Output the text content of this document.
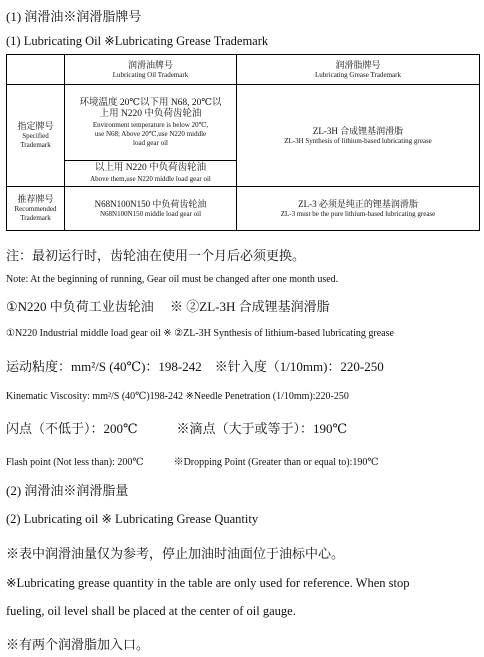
(1) 润滑油※润滑脂牌号
(1) Lubricating Oil ※Lubricating Grease Trademark

	润滑油牌号
Lubricating Oil Trademark	润滑脂牌号
Lubricating Grease Trademark

指定牌号
Specified
Trademark	环境温度 20℃以下用 N68, 20℃以
上用 N220 中负荷齿轮油
Environment temperature is below 20℃,
use N68; Above 20℃,use N220 middle
load gear oil	ZL-3H 合成锂基润滑脂
ZL-3H Synthesis of lithium-based lubricating grease

	以上用 N220 中负荷齿轮油
Above them,use N220 middle load gear oil	

推荐牌号
Recommended
Trademark	N68N100N150 中负荷齿轮油
N68N100N150 middle load gear oil	ZL-3 必须是纯正的锂基润滑脂
ZL-3 must be the pure lithium-based lubricating grease
注：最初运行时，齿轮油在使用一个月后必须更换。
Note: At the beginning of running, Gear oil must be changed after one month used.
①N220 中负荷工业齿轮油　 ※ ②ZL-3H 合成锂基润滑脂
①N220 Industrial middle load gear oil ※ ②ZL-3H Synthesis of lithium-based lubricating grease
运动粘度：mm²/S (40℃)：198-242　※针入度（1/10mm)：220-250
Kinematic Viscosity: mm²/S (40℃)198-242 ※Needle Penetration (1/10mm):220-250
闪点（不低于）：200℃　　　※滴点（大于或等于）：190℃
Flash point (Not less than): 200℃　　　※Dropping Point (Greater than or equal to):190℃
(2) 润滑油※润滑脂量
(2) Lubricating oil ※ Lubricating Grease Quantity
※表中润滑油量仅为参考，停止加油时油面位于油标中心。
※Lubricating grease quantity in the table are only used for reference. When stop
fueling, oil level shall be placed at the center of oil gauge.
※有两个润滑脂加入口。
